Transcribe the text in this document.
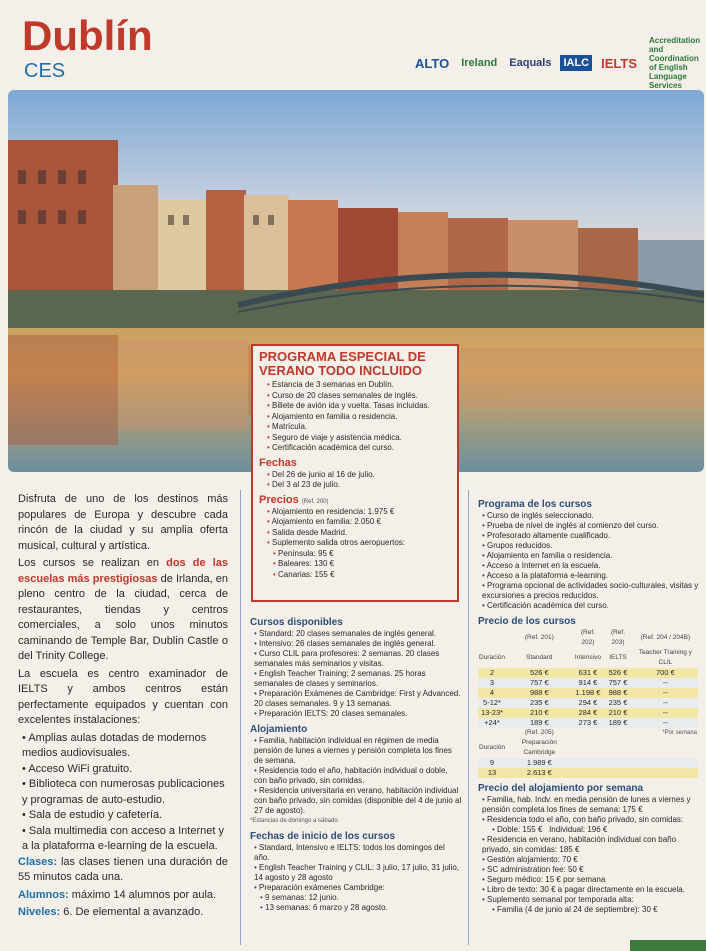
Dublín
CES	ALTO Ireland Eaquals IALC IELTS
Accreditation and Coordination of English Language Services
PROGRAMA ESPECIAL DE VERANO TODO INCLUIDO
• Estancia de 3 semanas en Dublín.
• Curso de 20 clases semanales de inglés.
• Billete de avión ida y vuelta. Tasas incluidas.
• Alojamiento en familia o residencia.
• Matrícula.
• Seguro de viaje y asistencia médica.
• Certificación académica del curso.
Fechas
• Del 26 de junio al 16 de julio.
• Del 3 al 23 de julio.
Precios (Ref. 200)
• Alojamiento en residencia: 1.975 €
• Alojamiento en familia: 2.050 €
• Salida desde Madrid.
• Suplemento salida otros aeropuertos:
• Península: 95 €
• Baleares: 130 €
• Canarias: 155 €

Disfruta de uno de los destinos más populares de Europa y descubre cada rincón de la ciudad y su amplia oferta musical, cultural y artística.

Los cursos se realizan en dos de las escuelas más prestigiosas de Irlanda, en pleno centro de la ciudad, cerca de restaurantes, tiendas y centros comerciales, a solo unos minutos caminando de Temple Bar, Dublin Castle o del Trinity College.

La escuela es centro examinador de IELTS y ambos centros están perfectamente equipados y cuentan con excelentes instalaciones:

• Amplias aulas dotadas de modernos medios audiovisuales.
• Acceso WiFi gratuito.
• Biblioteca con numerosas publicaciones y programas de auto-estudio.
• Sala de estudio y cafetería.
• Sala multimedia con acceso a Internet y a la plataforma e-learning de la escuela.

Clases: las clases tienen una duración de 55 minutos cada una.

Alumnos: máximo 14 alumnos por aula.

Niveles: 6. De elemental a avanzado.

Cursos disponibles
• Standard: 20 clases semanales de inglés general.
• Intensivo: 26 clases semanales de inglés general.
• Curso CLIL para profesores: 2 semanas. 20 clases semanales más seminarios y visitas.
• English Teacher Training: 2 semanas. 25 horas semanales de clases y seminarios.
• Preparación Exámenes de Cambridge: First y Advanced. 20 clases semanales. 9 y 13 semanas.
• Preparación IELTS: 20 clases semanales.
Alojamiento
• Familia, habitación individual en régimen de media pensión de lunes a viernes y pensión completa los fines de semana.
• Residencia todo el año, habitación individual o doble, con baño privado, sin comidas.
• Residencia universitaria en verano, habitación individual con baño privado, sin comidas (disponible del 4 de junio al 27 de agosto).
*Estancias de domingo a sábado
Fechas de inicio de los cursos
• Standard, Intensivo e IELTS: todos los domingos del año.
• English Teacher Training y CLIL: 3 julio, 17 julio, 31 julio, 14 agosto y 28 agosto
• Preparación exámenes Cambridge:
• 9 semanas: 12 junio.
• 13 semanas: 6 marzo y 28 agosto.
Programa de los cursos
• Curso de inglés seleccionado.
• Prueba de nivel de inglés al comienzo del curso.
• Profesorado altamente cualificado.
• Grupos reducidos.
• Alojamiento en familia o residencia.
• Acceso a Internet en la escuela.
• Acceso a la plataforma e-learning.
• Programa opcional de actividades socio-culturales, visitas y excursiones a precios reducidos.
• Certificación académica del curso.
Precio de los cursos
	(Ref. 201)	(Ref. 202)	(Ref. 203)	(Ref. 204 / 204B)
Duración	Standard	Intensivo	IELTS	Teacher Training y CLIL
2	526 €	631 €	526 €	700 €
3	757 €	914 €	757 €	--
4	988 €	1.198 €	988 €	--
5-12*	235 €	294 €	235 €	--
13-23*	210 €	284 €	210 €	--
+24*	189 €	273 €	189 €	--
	(Ref. 205)			*Por semana
Duración	Preparación Cambridge			
9	1.989 €			
13	2.613 €			
Precio del alojamiento por semana
• Familia, hab. Indv. en media pensión de lunes a viernes y pensión completa los fines de semana: 175 €
• Residencia todo el año, con baño privado, sin comidas:
• Doble: 155 € Individual: 196 €
• Residencia en verano, habitación individual con baño privado, sin comidas: 185 €
• Gestión alojamiento: 70 €
• SC administration fee: 50 €
• Seguro médico: 15 € por semana
• Libro de texto: 30 € a pagar directamente en la escuela.
• Suplemento semanal por temporada alta:
• Familia (4 de junio al 24 de septiembre): 30 €
